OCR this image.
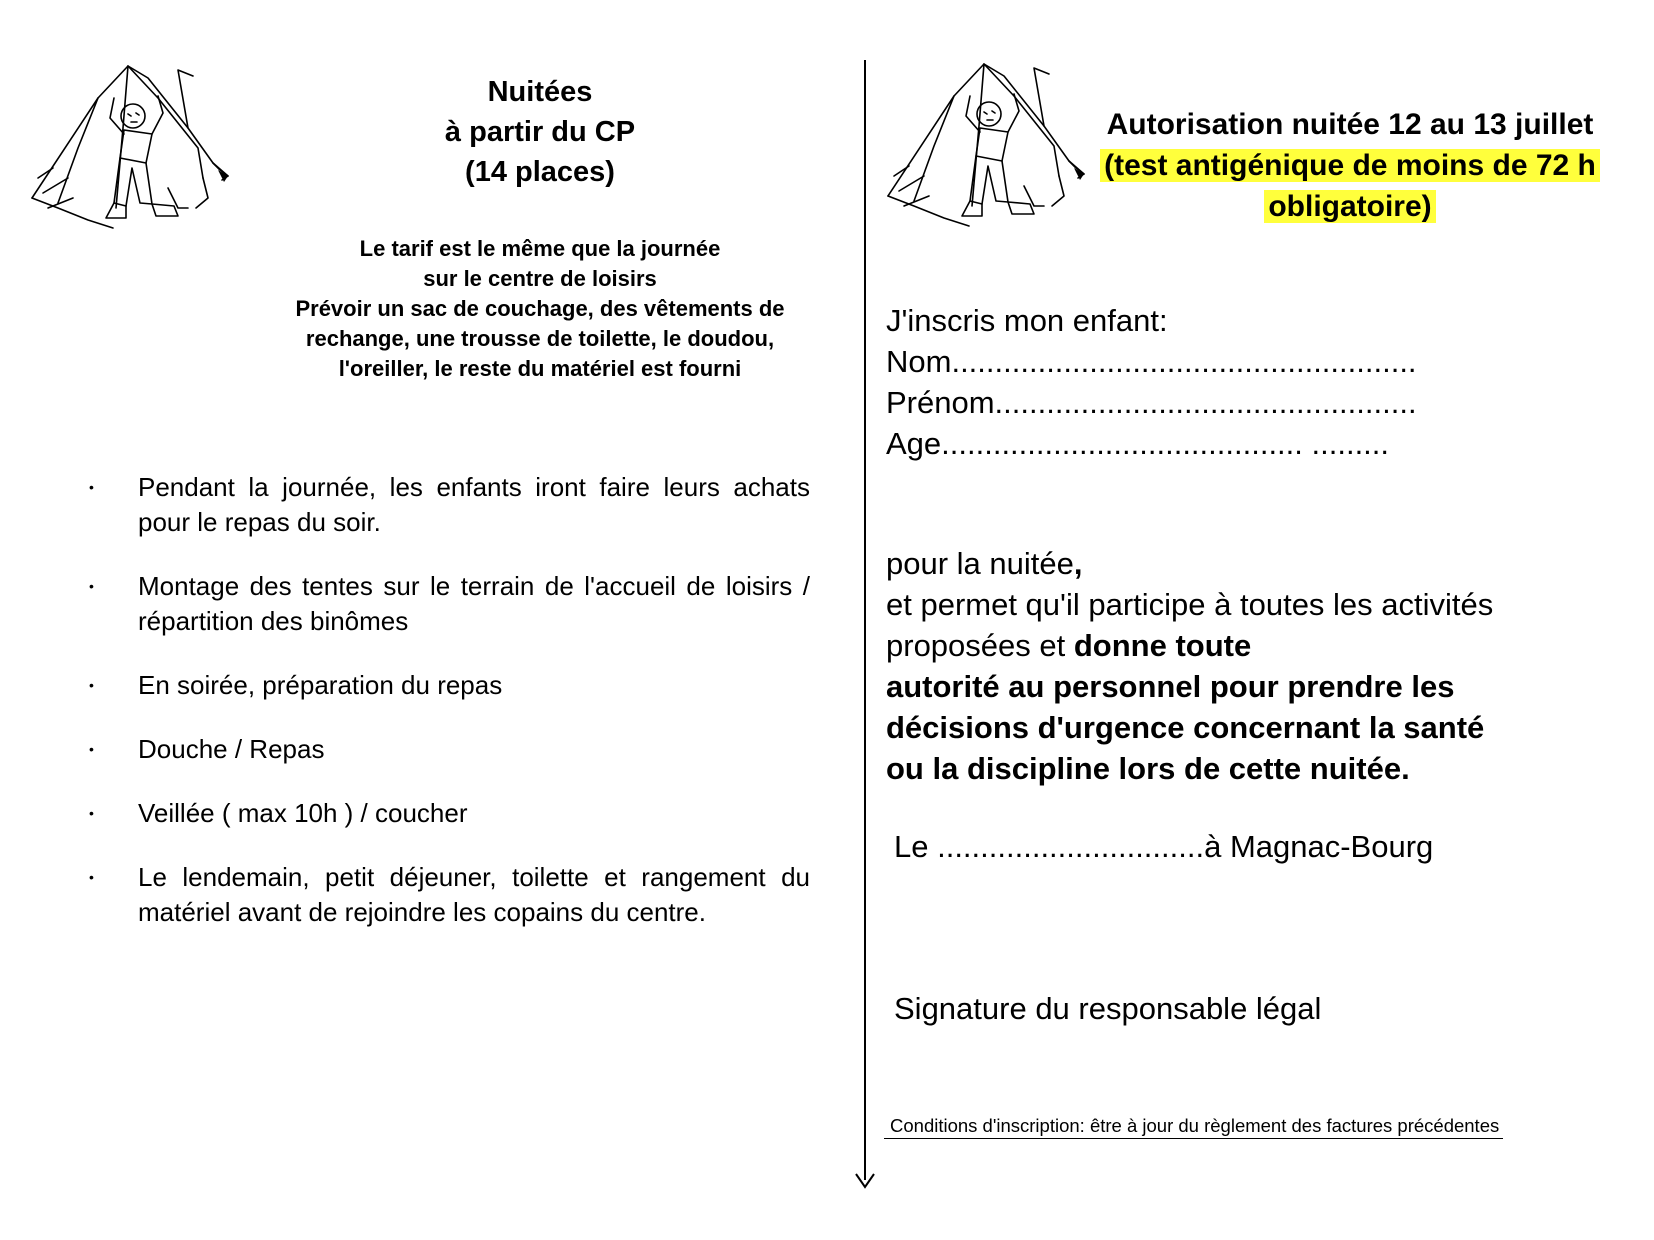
Nuitées
à partir du CP
(14 places)
Le tarif est le même que la journée
sur le centre de loisirs
Prévoir un sac de couchage, des vêtements de
rechange, une trousse de toilette, le doudou,
l'oreiller, le reste du matériel est fourni
• Pendant la journée, les enfants iront faire leurs achats pour le repas du soir.
• Montage des tentes sur le terrain de l'accueil de loisirs / répartition des binômes
• En soirée, préparation du repas
• Douche / Repas
• Veillée ( max 10h ) / coucher
• Le lendemain, petit déjeuner, toilette et rangement du matériel avant de rejoindre les copains du centre.
Autorisation nuitée 12 au 13 juillet
(test antigénique de moins de 72 h
obligatoire)
J'inscris mon enfant:
Nom......................................................
Prénom.................................................
Age.......................................... .........
pour la nuitée,
et permet qu'il participe à toutes les activités
proposées et donne toute
autorité au personnel pour prendre les
décisions d'urgence concernant la santé
ou la discipline lors de cette nuitée.
Le ...............................à Magnac-Bourg
Signature du responsable légal
Conditions d'inscription: être à jour du règlement des factures précédentes
